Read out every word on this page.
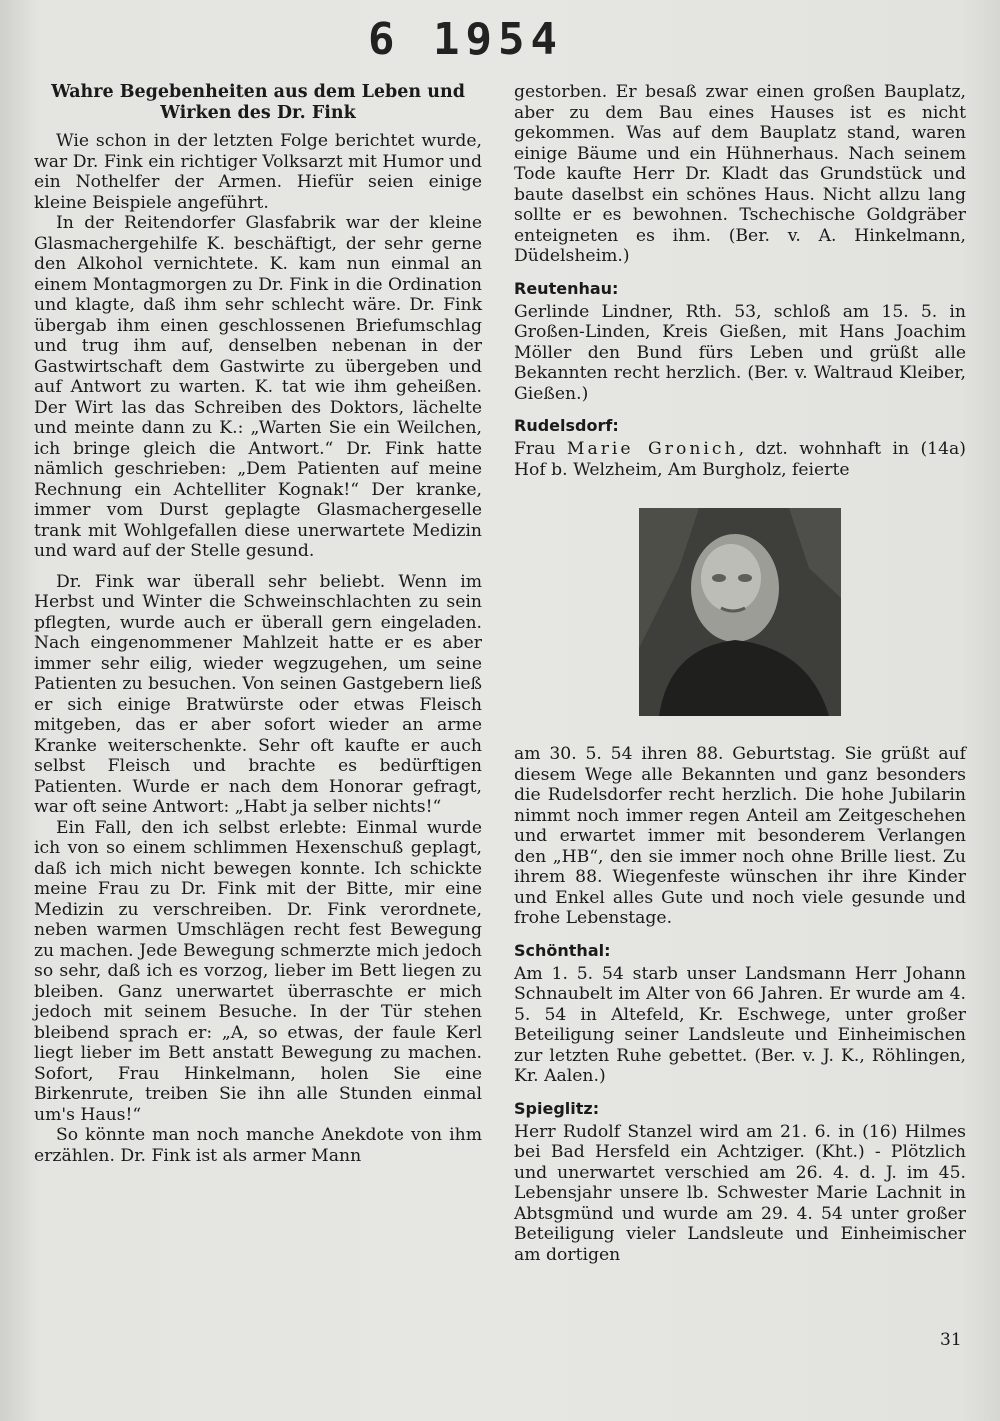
6 1954
Wahre Begebenheiten aus dem Leben und
Wirken des Dr. Fink

Wie schon in der letzten Folge berichtet wurde, war Dr. Fink ein richtiger Volksarzt mit Humor und ein Nothelfer der Armen. Hiefür seien einige kleine Beispiele angeführt.

In der Reitendorfer Glasfabrik war der kleine Glasmachergehilfe K. beschäftigt, der sehr gerne den Alkohol vernichtete. K. kam nun einmal an einem Montagmorgen zu Dr. Fink in die Ordination und klagte, daß ihm sehr schlecht wäre. Dr. Fink übergab ihm einen geschlossenen Briefumschlag und trug ihm auf, denselben nebenan in der Gastwirtschaft dem Gastwirte zu übergeben und auf Antwort zu warten. K. tat wie ihm geheißen. Der Wirt las das Schreiben des Doktors, lächelte und meinte dann zu K.: „Warten Sie ein Weilchen, ich bringe gleich die Antwort.“ Dr. Fink hatte nämlich geschrieben: „Dem Patienten auf meine Rechnung ein Achtelliter Kognak!“ Der kranke, immer vom Durst geplagte Glasmachergeselle trank mit Wohlgefallen diese unerwartete Medizin und ward auf der Stelle gesund.

Dr. Fink war überall sehr beliebt. Wenn im Herbst und Winter die Schweinschlachten zu sein pflegten, wurde auch er überall gern eingeladen. Nach eingenommener Mahlzeit hatte er es aber immer sehr eilig, wieder wegzugehen, um seine Patienten zu besuchen. Von seinen Gastgebern ließ er sich einige Bratwürste oder etwas Fleisch mitgeben, das er aber sofort wieder an arme Kranke weiterschenkte. Sehr oft kaufte er auch selbst Fleisch und brachte es bedürftigen Patienten. Wurde er nach dem Honorar gefragt, war oft seine Antwort: „Habt ja selber nichts!“

Ein Fall, den ich selbst erlebte: Einmal wurde ich von so einem schlimmen Hexenschuß geplagt, daß ich mich nicht bewegen konnte. Ich schickte meine Frau zu Dr. Fink mit der Bitte, mir eine Medizin zu verschreiben. Dr. Fink verordnete, neben warmen Umschlägen recht fest Bewegung zu machen. Jede Bewegung schmerzte mich jedoch so sehr, daß ich es vorzog, lieber im Bett liegen zu bleiben. Ganz unerwartet überraschte er mich jedoch mit seinem Besuche. In der Tür stehen bleibend sprach er: „A, so etwas, der faule Kerl liegt lieber im Bett anstatt Bewegung zu machen. Sofort, Frau Hinkelmann, holen Sie eine Birkenrute, treiben Sie ihn alle Stunden einmal um's Haus!“

So könnte man noch manche Anekdote von ihm erzählen. Dr. Fink ist als armer Mann

gestorben. Er besaß zwar einen großen Bauplatz, aber zu dem Bau eines Hauses ist es nicht gekommen. Was auf dem Bauplatz stand, waren einige Bäume und ein Hühnerhaus. Nach seinem Tode kaufte Herr Dr. Kladt das Grundstück und baute daselbst ein schönes Haus. Nicht allzu lang sollte er es bewohnen. Tschechische Goldgräber enteigneten es ihm. (Ber. v. A. Hinkelmann, Düdelsheim.)

Reutenhau:

Gerlinde Lindner, Rth. 53, schloß am 15. 5. in Großen-Linden, Kreis Gießen, mit Hans Joachim Möller den Bund fürs Leben und grüßt alle Bekannten recht herzlich. (Ber. v. Waltraud Kleiber, Gießen.)

Rudelsdorf:

Frau Marie Gronich, dzt. wohnhaft in (14a) Hof b. Welzheim, Am Burgholz, feierte

am 30. 5. 54 ihren 88. Geburtstag. Sie grüßt auf diesem Wege alle Bekannten und ganz besonders die Rudelsdorfer recht herzlich. Die hohe Jubilarin nimmt noch immer regen Anteil am Zeitgeschehen und erwartet immer mit besonderem Verlangen den „HB“, den sie immer noch ohne Brille liest. Zu ihrem 88. Wiegenfeste wünschen ihr ihre Kinder und Enkel alles Gute und noch viele gesunde und frohe Lebenstage.

Schönthal:

Am 1. 5. 54 starb unser Landsmann Herr Johann Schnaubelt im Alter von 66 Jahren. Er wurde am 4. 5. 54 in Altefeld, Kr. Eschwege, unter großer Beteiligung seiner Landsleute und Einheimischen zur letzten Ruhe gebettet. (Ber. v. J. K., Röhlingen, Kr. Aalen.)

Spieglitz:

Herr Rudolf Stanzel wird am 21. 6. in (16) Hilmes bei Bad Hersfeld ein Achtziger. (Kht.) - Plötzlich und unerwartet verschied am 26. 4. d. J. im 45. Lebensjahr unsere lb. Schwester Marie Lachnit in Abtsgmünd und wurde am 29. 4. 54 unter großer Beteiligung vieler Landsleute und Einheimischer am dortigen

31
